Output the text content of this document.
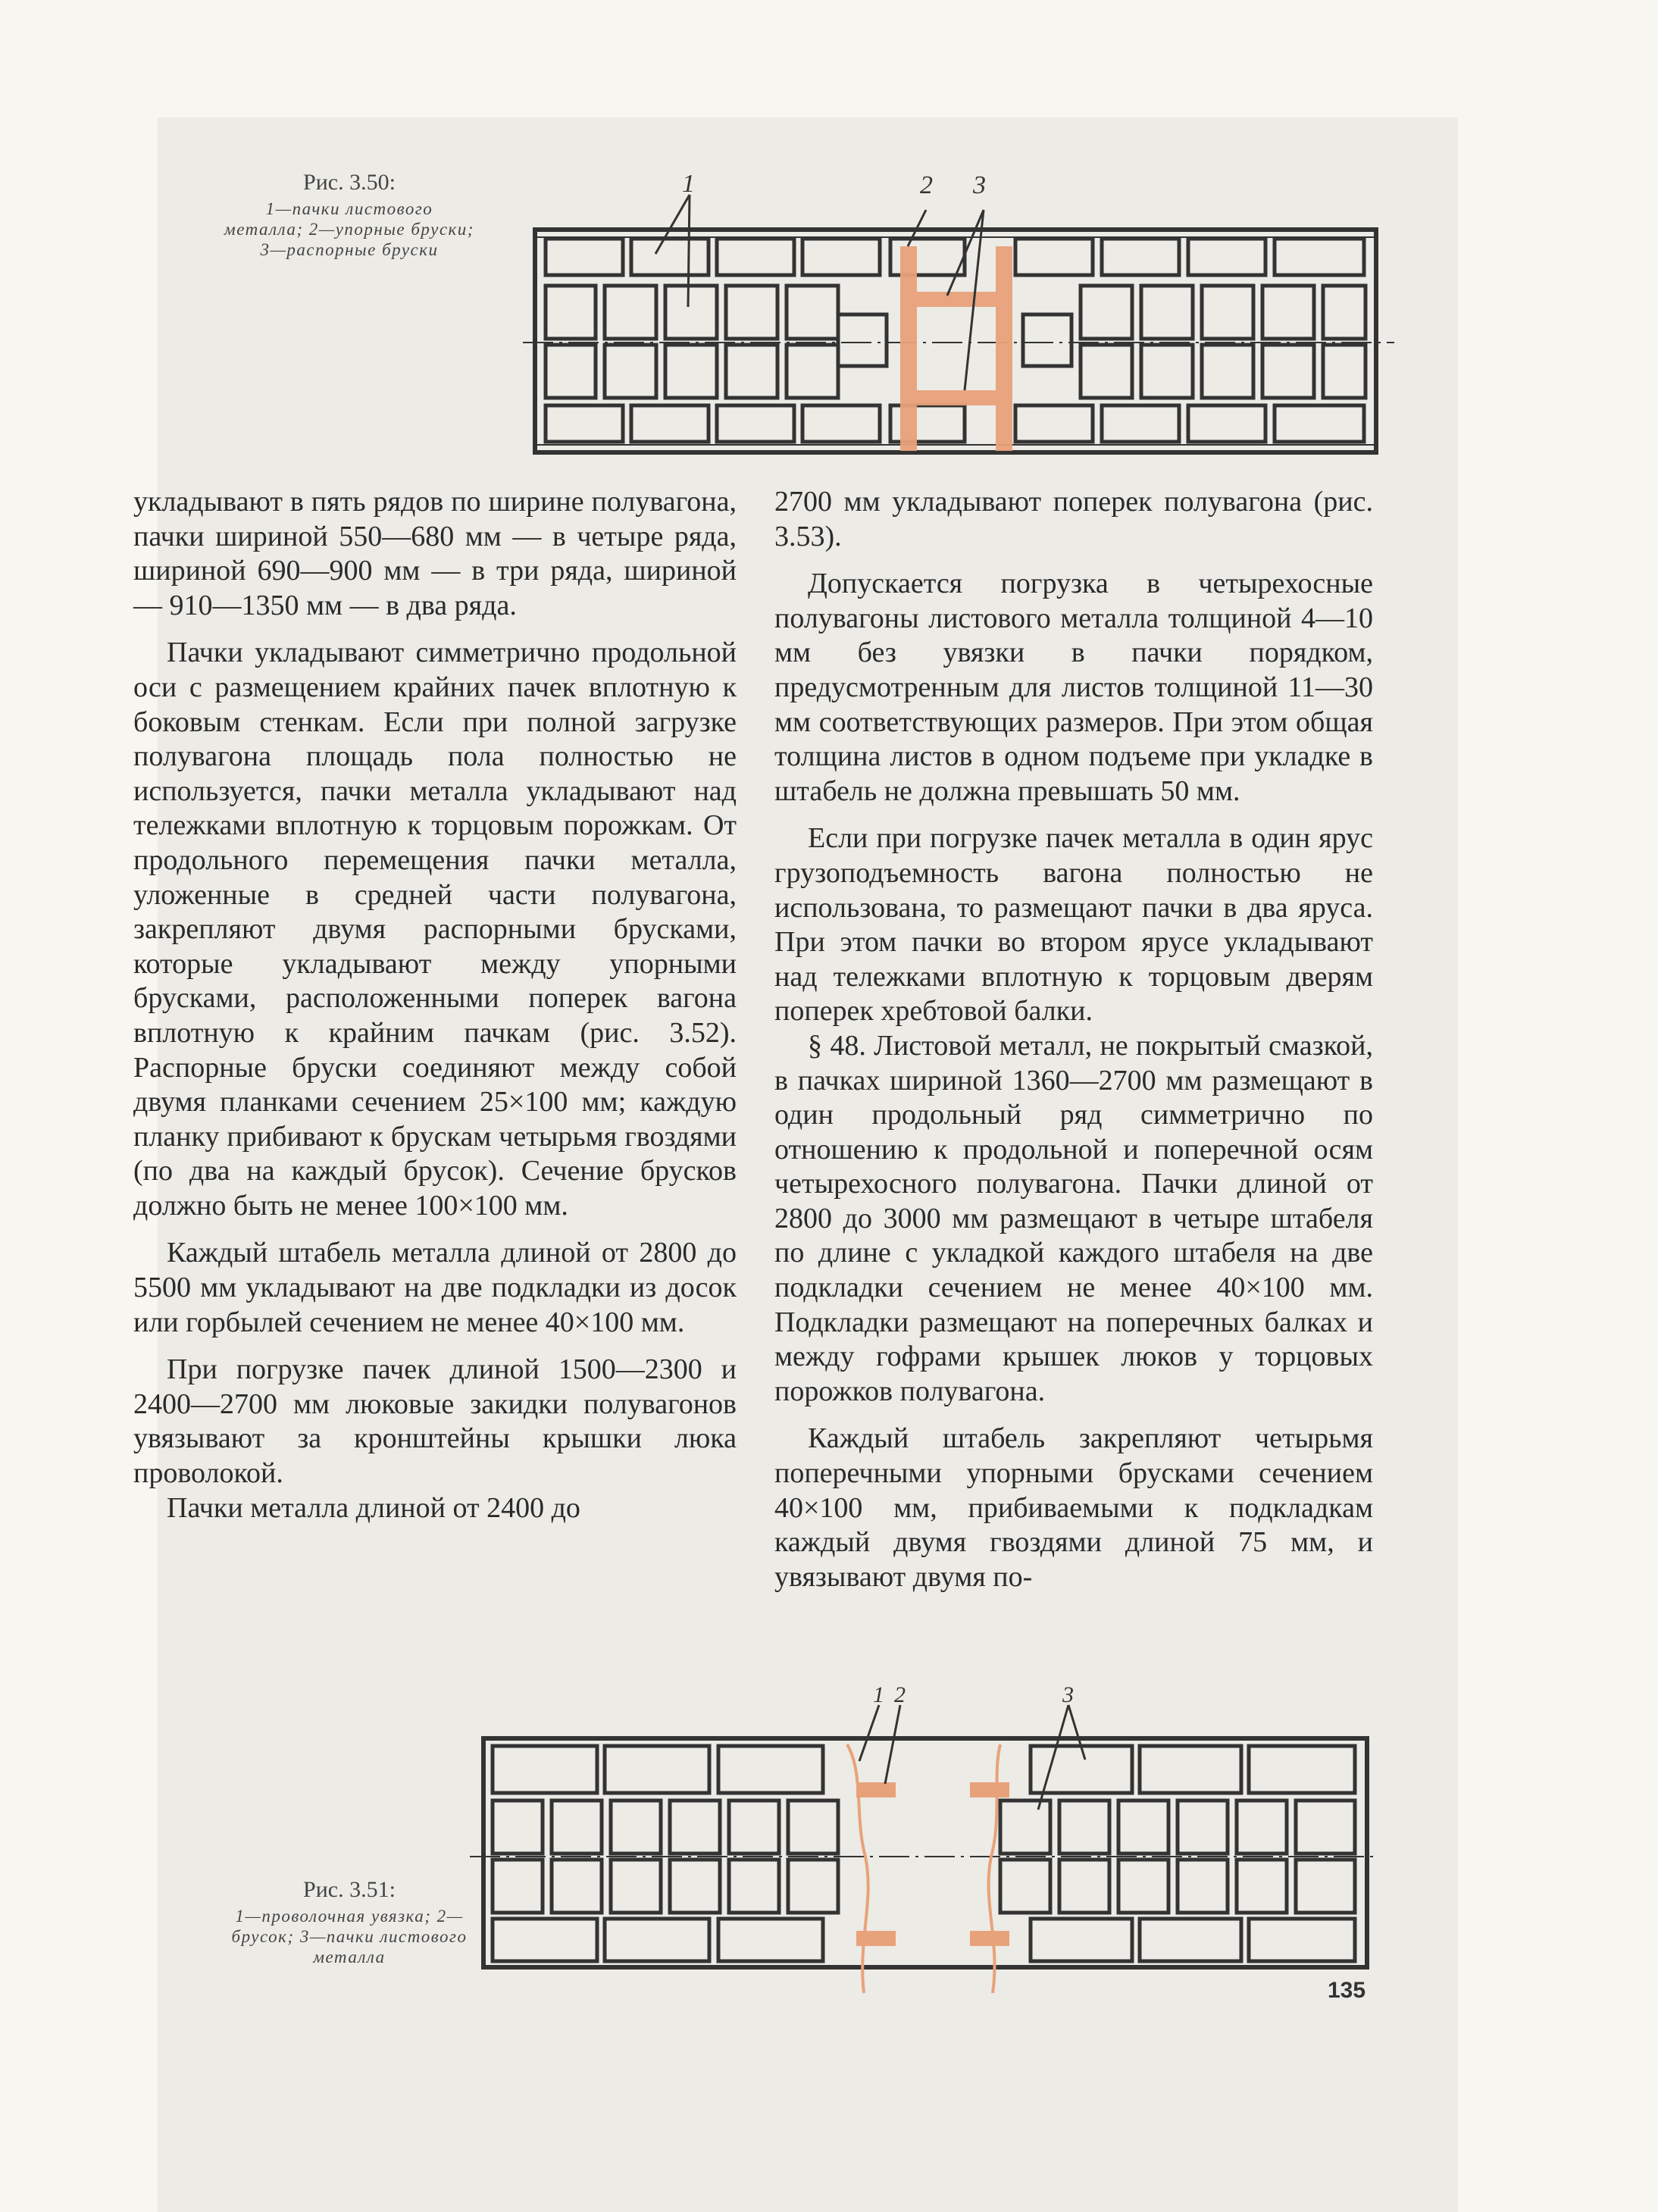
Рис. 3.50:
1—пачки листового металла; 2—упорные бруски; 3—распорные бруски
1	2 3

укладывают в пять рядов по ширине полувагона, пачки шириной 550—680 мм — в четыре ряда, шириной 690—900 мм — в три ряда, шириной — 910—1350 мм — в два ряда.

Пачки укладывают симметрично продольной оси с размещением крайних пачек вплотную к боковым стенкам. Если при полной загрузке полувагона площадь пола полностью не используется, пачки металла укладывают над тележками вплотную к торцовым порожкам. От продольного перемещения пачки металла, уложенные в средней части полувагона, закрепляют двумя распорными брусками, которые укладывают между упорными брусками, расположенными поперек вагона вплотную к крайним пачкам (рис. 3.52). Распорные бруски соединяют между собой двумя планками сечением 25×100 мм; каждую планку прибивают к брускам четырьмя гвоздями (по два на каждый брусок). Сечение брусков должно быть не менее 100×100 мм.

Каждый штабель металла длиной от 2800 до 5500 мм укладывают на две подкладки из досок или горбылей сечением не менее 40×100 мм.

При погрузке пачек длиной 1500—2300 и 2400—2700 мм люковые закидки полувагонов увязывают за кронштейны крышки люка проволокой.

Пачки металла длиной от 2400 до

2700 мм укладывают поперек полувагона (рис. 3.53).

Допускается погрузка в четырехосные полувагоны листового металла толщиной 4—10 мм без увязки в пачки порядком, предусмотренным для листов толщиной 11—30 мм соответствующих размеров. При этом общая толщина листов в одном подъеме при укладке в штабель не должна превышать 50 мм.

Если при погрузке пачек металла в один ярус грузоподъемность вагона полностью не использована, то размещают пачки в два яруса. При этом пачки во втором ярусе укладывают над тележками вплотную к торцовым дверям поперек хребтовой балки.

§ 48. Листовой металл, не покрытый смазкой, в пачках шириной 1360—2700 мм размещают в один продольный ряд симметрично по отношению к продольной и поперечной осям четырехосного полувагона. Пачки длиной от 2800 до 3000 мм размещают в четыре штабеля по длине с укладкой каждого штабеля на две подкладки сечением не менее 40×100 мм. Подкладки размещают на поперечных балках и между гофрами крышек люков у торцовых порожков полувагона.

Каждый штабель закрепляют четырьмя поперечными упорными брусками сечением 40×100 мм, прибиваемыми к подкладкам каждый двумя гвоздями длиной 75 мм, и увязывают двумя по-

Рис. 3.51:
1—проволочная увязка; 2—брусок; 3—пачки листового металла
1 2	3
135
